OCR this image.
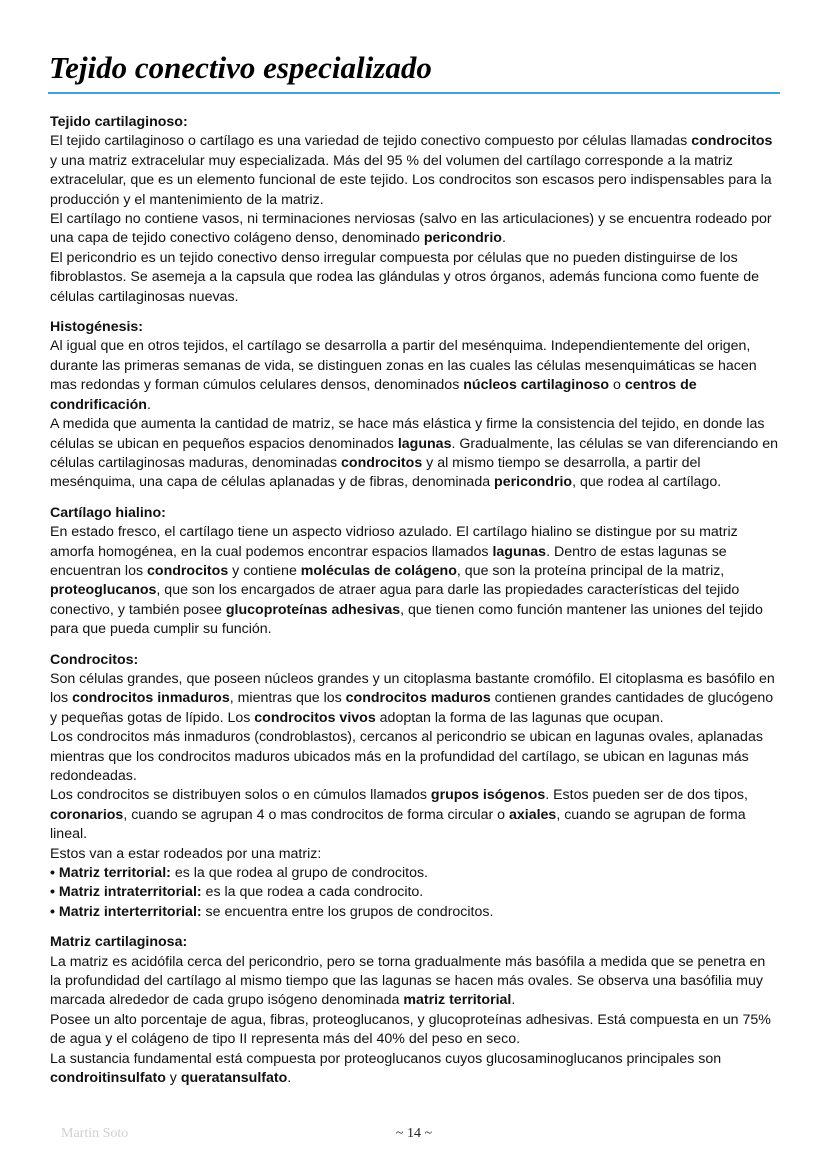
Tejido conectivo especializado
Tejido cartilaginoso:

El tejido cartilaginoso o cartílago es una variedad de tejido conectivo compuesto por células llamadas condrocitos y una matriz extracelular muy especializada. Más del 95 % del volumen del cartílago corresponde a la matriz extracelular, que es un elemento funcional de este tejido. Los condrocitos son escasos pero indispensables para la producción y el mantenimiento de la matriz.

El cartílago no contiene vasos, ni terminaciones nerviosas (salvo en las articulaciones) y se encuentra rodeado por una capa de tejido conectivo colágeno denso, denominado pericondrio.

El pericondrio es un tejido conectivo denso irregular compuesta por células que no pueden distinguirse de los fibroblastos. Se asemeja a la capsula que rodea las glándulas y otros órganos, además funciona como fuente de células cartilaginosas nuevas.

Histogénesis:

Al igual que en otros tejidos, el cartílago se desarrolla a partir del mesénquima. Independientemente del origen, durante las primeras semanas de vida, se distinguen zonas en las cuales las células mesenquimáticas se hacen mas redondas y forman cúmulos celulares densos, denominados núcleos cartilaginoso o centros de condrificación.

A medida que aumenta la cantidad de matriz, se hace más elástica y firme la consistencia del tejido, en donde las células se ubican en pequeños espacios denominados lagunas. Gradualmente, las células se van diferenciando en células cartilaginosas maduras, denominadas condrocitos y al mismo tiempo se desarrolla, a partir del mesénquima, una capa de células aplanadas y de fibras, denominada pericondrio, que rodea al cartílago.

Cartílago hialino:

En estado fresco, el cartílago tiene un aspecto vidrioso azulado. El cartílago hialino se distingue por su matriz amorfa homogénea, en la cual podemos encontrar espacios llamados lagunas. Dentro de estas lagunas se encuentran los condrocitos y contiene moléculas de colágeno, que son la proteína principal de la matriz, proteoglucanos, que son los encargados de atraer agua para darle las propiedades características del tejido conectivo, y también posee glucoproteínas adhesivas, que tienen como función mantener las uniones del tejido para que pueda cumplir su función.

Condrocitos:

Son células grandes, que poseen núcleos grandes y un citoplasma bastante cromófilo. El citoplasma es basófilo en los condrocitos inmaduros, mientras que los condrocitos maduros contienen grandes cantidades de glucógeno y pequeñas gotas de lípido. Los condrocitos vivos adoptan la forma de las lagunas que ocupan.

Los condrocitos más inmaduros (condroblastos), cercanos al pericondrio se ubican en lagunas ovales, aplanadas mientras que los condrocitos maduros ubicados más en la profundidad del cartílago, se ubican en lagunas más redondeadas.

Los condrocitos se distribuyen solos o en cúmulos llamados grupos isógenos. Estos pueden ser de dos tipos, coronarios, cuando se agrupan 4 o mas condrocitos de forma circular o axiales, cuando se agrupan de forma lineal.

Estos van a estar rodeados por una matriz:

• Matriz territorial: es la que rodea al grupo de condrocitos.

• Matriz intraterritorial: es la que rodea a cada condrocito.

• Matriz interterritorial: se encuentra entre los grupos de condrocitos.

Matriz cartilaginosa:

La matriz es acidófila cerca del pericondrio, pero se torna gradualmente más basófila a medida que se penetra en la profundidad del cartílago al mismo tiempo que las lagunas se hacen más ovales. Se observa una basófilia muy marcada alrededor de cada grupo isógeno denominada matriz territorial.

Posee un alto porcentaje de agua, fibras, proteoglucanos, y glucoproteínas adhesivas. Está compuesta en un 75% de agua y el colágeno de tipo II representa más del 40% del peso en seco.

La sustancia fundamental está compuesta por proteoglucanos cuyos glucosaminoglucanos principales son condroitinsulfato y queratansulfato.

Martin Soto	~ 14 ~
